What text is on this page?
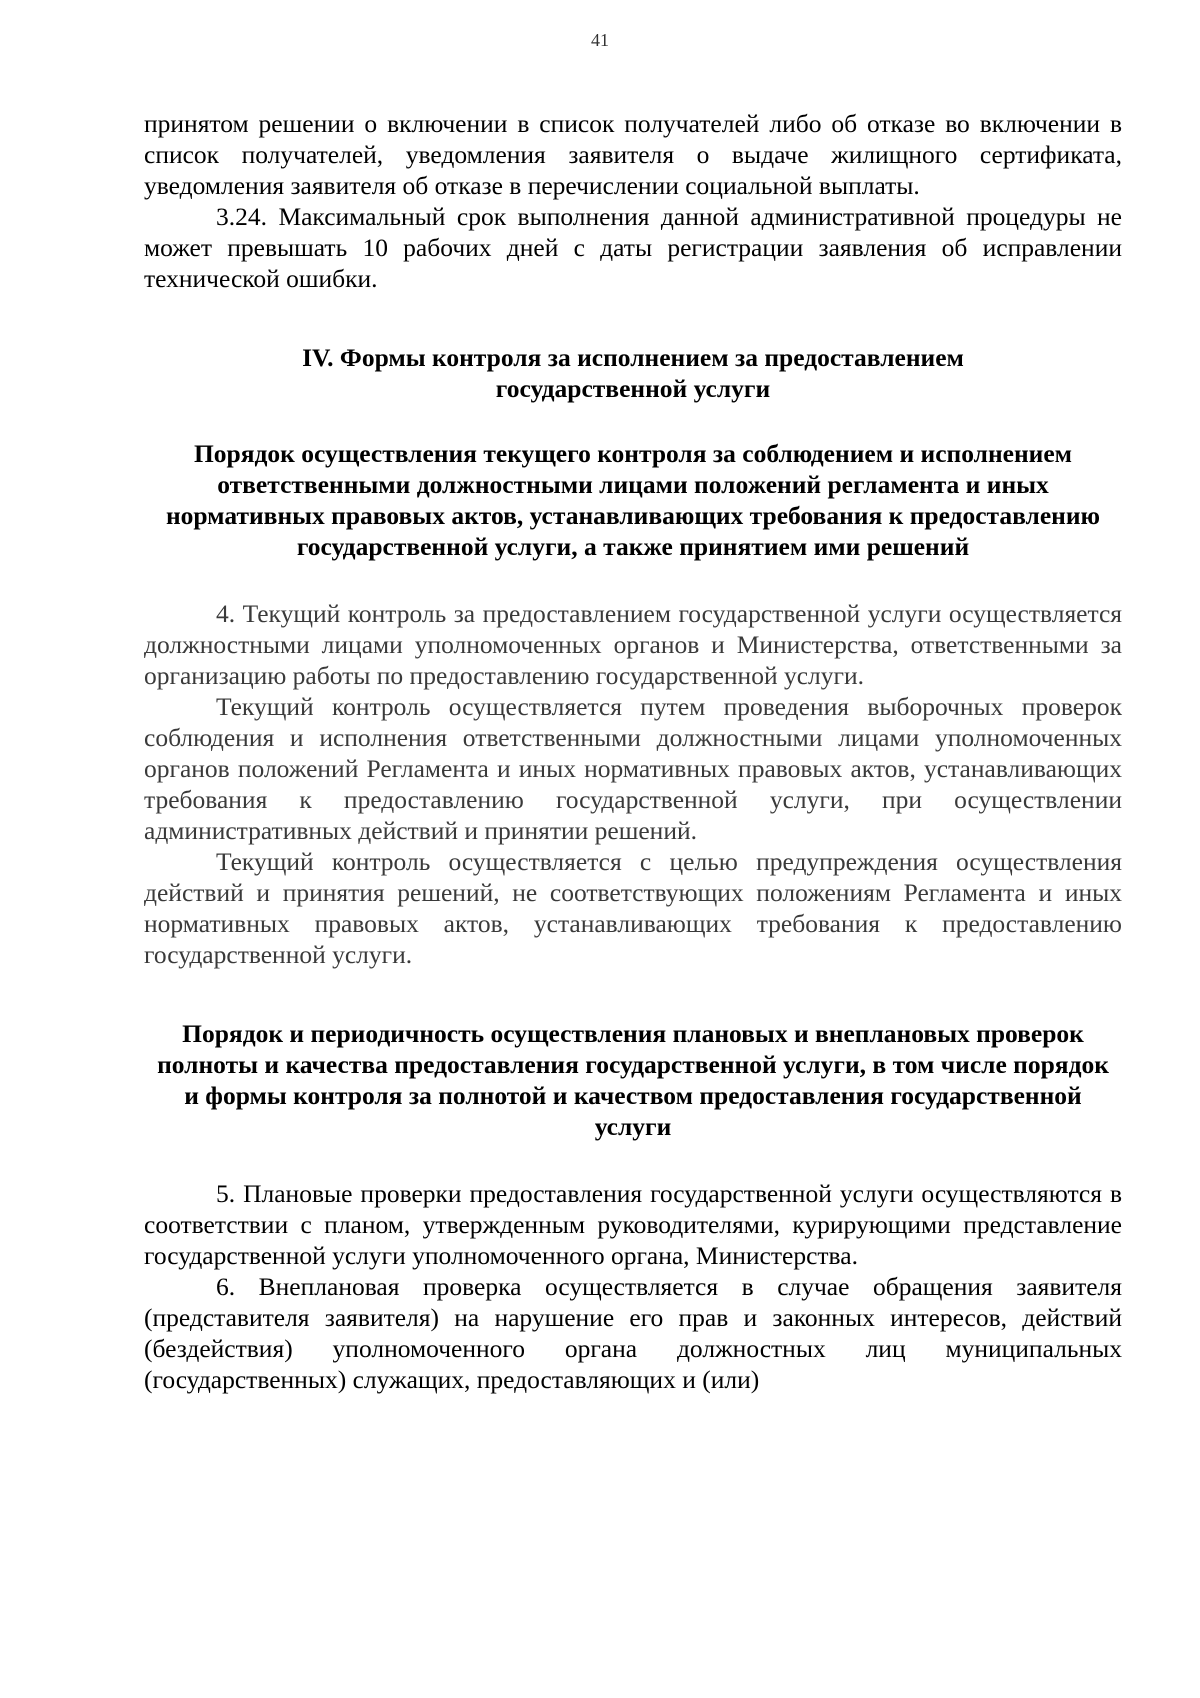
41

принятом решении о включении в список получателей либо об отказе во включении в список получателей, уведомления заявителя о выдаче жилищного сертификата, уведомления заявителя об отказе в перечислении социальной выплаты.

3.24. Максимальный срок выполнения данной административной процедуры не может превышать 10 рабочих дней с даты регистрации заявления об исправлении технической ошибки.

IV. Формы контроля за исполнением за предоставлением государственной услуги
Порядок осуществления текущего контроля за соблюдением и исполнением ответственными должностными лицами положений регламента и иных нормативных правовых актов, устанавливающих требования к предоставлению государственной услуги, а также принятием ими решений

4. Текущий контроль за предоставлением государственной услуги осуществляется должностными лицами уполномоченных органов и Министерства, ответственными за организацию работы по предоставлению государственной услуги.

Текущий контроль осуществляется путем проведения выборочных проверок соблюдения и исполнения ответственными должностными лицами уполномоченных органов положений Регламента и иных нормативных правовых актов, устанавливающих требования к предоставлению государственной услуги, при осуществлении административных действий и принятии решений.

Текущий контроль осуществляется с целью предупреждения осуществления действий и принятия решений, не соответствующих положениям Регламента и иных нормативных правовых актов, устанавливающих требования к предоставлению государственной услуги.

Порядок и периодичность осуществления плановых и внеплановых проверок полноты и качества предоставления государственной услуги, в том числе порядок и формы контроля за полнотой и качеством предоставления государственной услуги

5. Плановые проверки предоставления государственной услуги осуществляются в соответствии с планом, утвержденным руководителями, курирующими представление государственной услуги уполномоченного органа, Министерства.

6. Внеплановая проверка осуществляется в случае обращения заявителя (представителя заявителя) на нарушение его прав и законных интересов, действий (бездействия) уполномоченного органа должностных лиц муниципальных (государственных) служащих, предоставляющих и (или)
